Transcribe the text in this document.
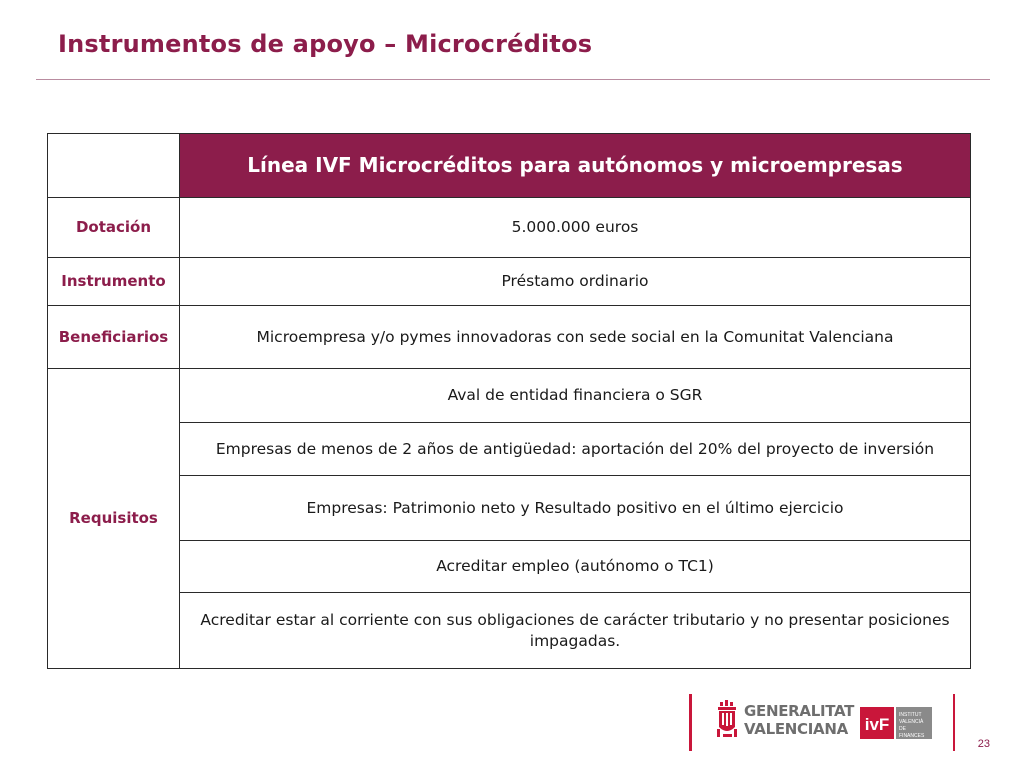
Instrumentos de apoyo – Microcréditos
	Línea IVF Microcréditos para autónomos y microempresas
Dotación	5.000.000 euros
Instrumento	Préstamo ordinario
Beneficiarios	Microempresa y/o pymes innovadoras con sede social en la Comunitat Valenciana
Requisitos	Aval de entidad financiera o SGR
	Empresas de menos de 2 años de antigüedad: aportación del 20% del proyecto de inversión
	Empresas: Patrimonio neto y Resultado positivo en el último ejercicio
	Acreditar empleo (autónomo o TC1)
	Acreditar estar al corriente con sus obligaciones de carácter tributario y no presentar posiciones impagadas.
GENERALITAT
VALENCIANA ivF INSTITUT
VALENCIÀ
DE
FINANCES
23
